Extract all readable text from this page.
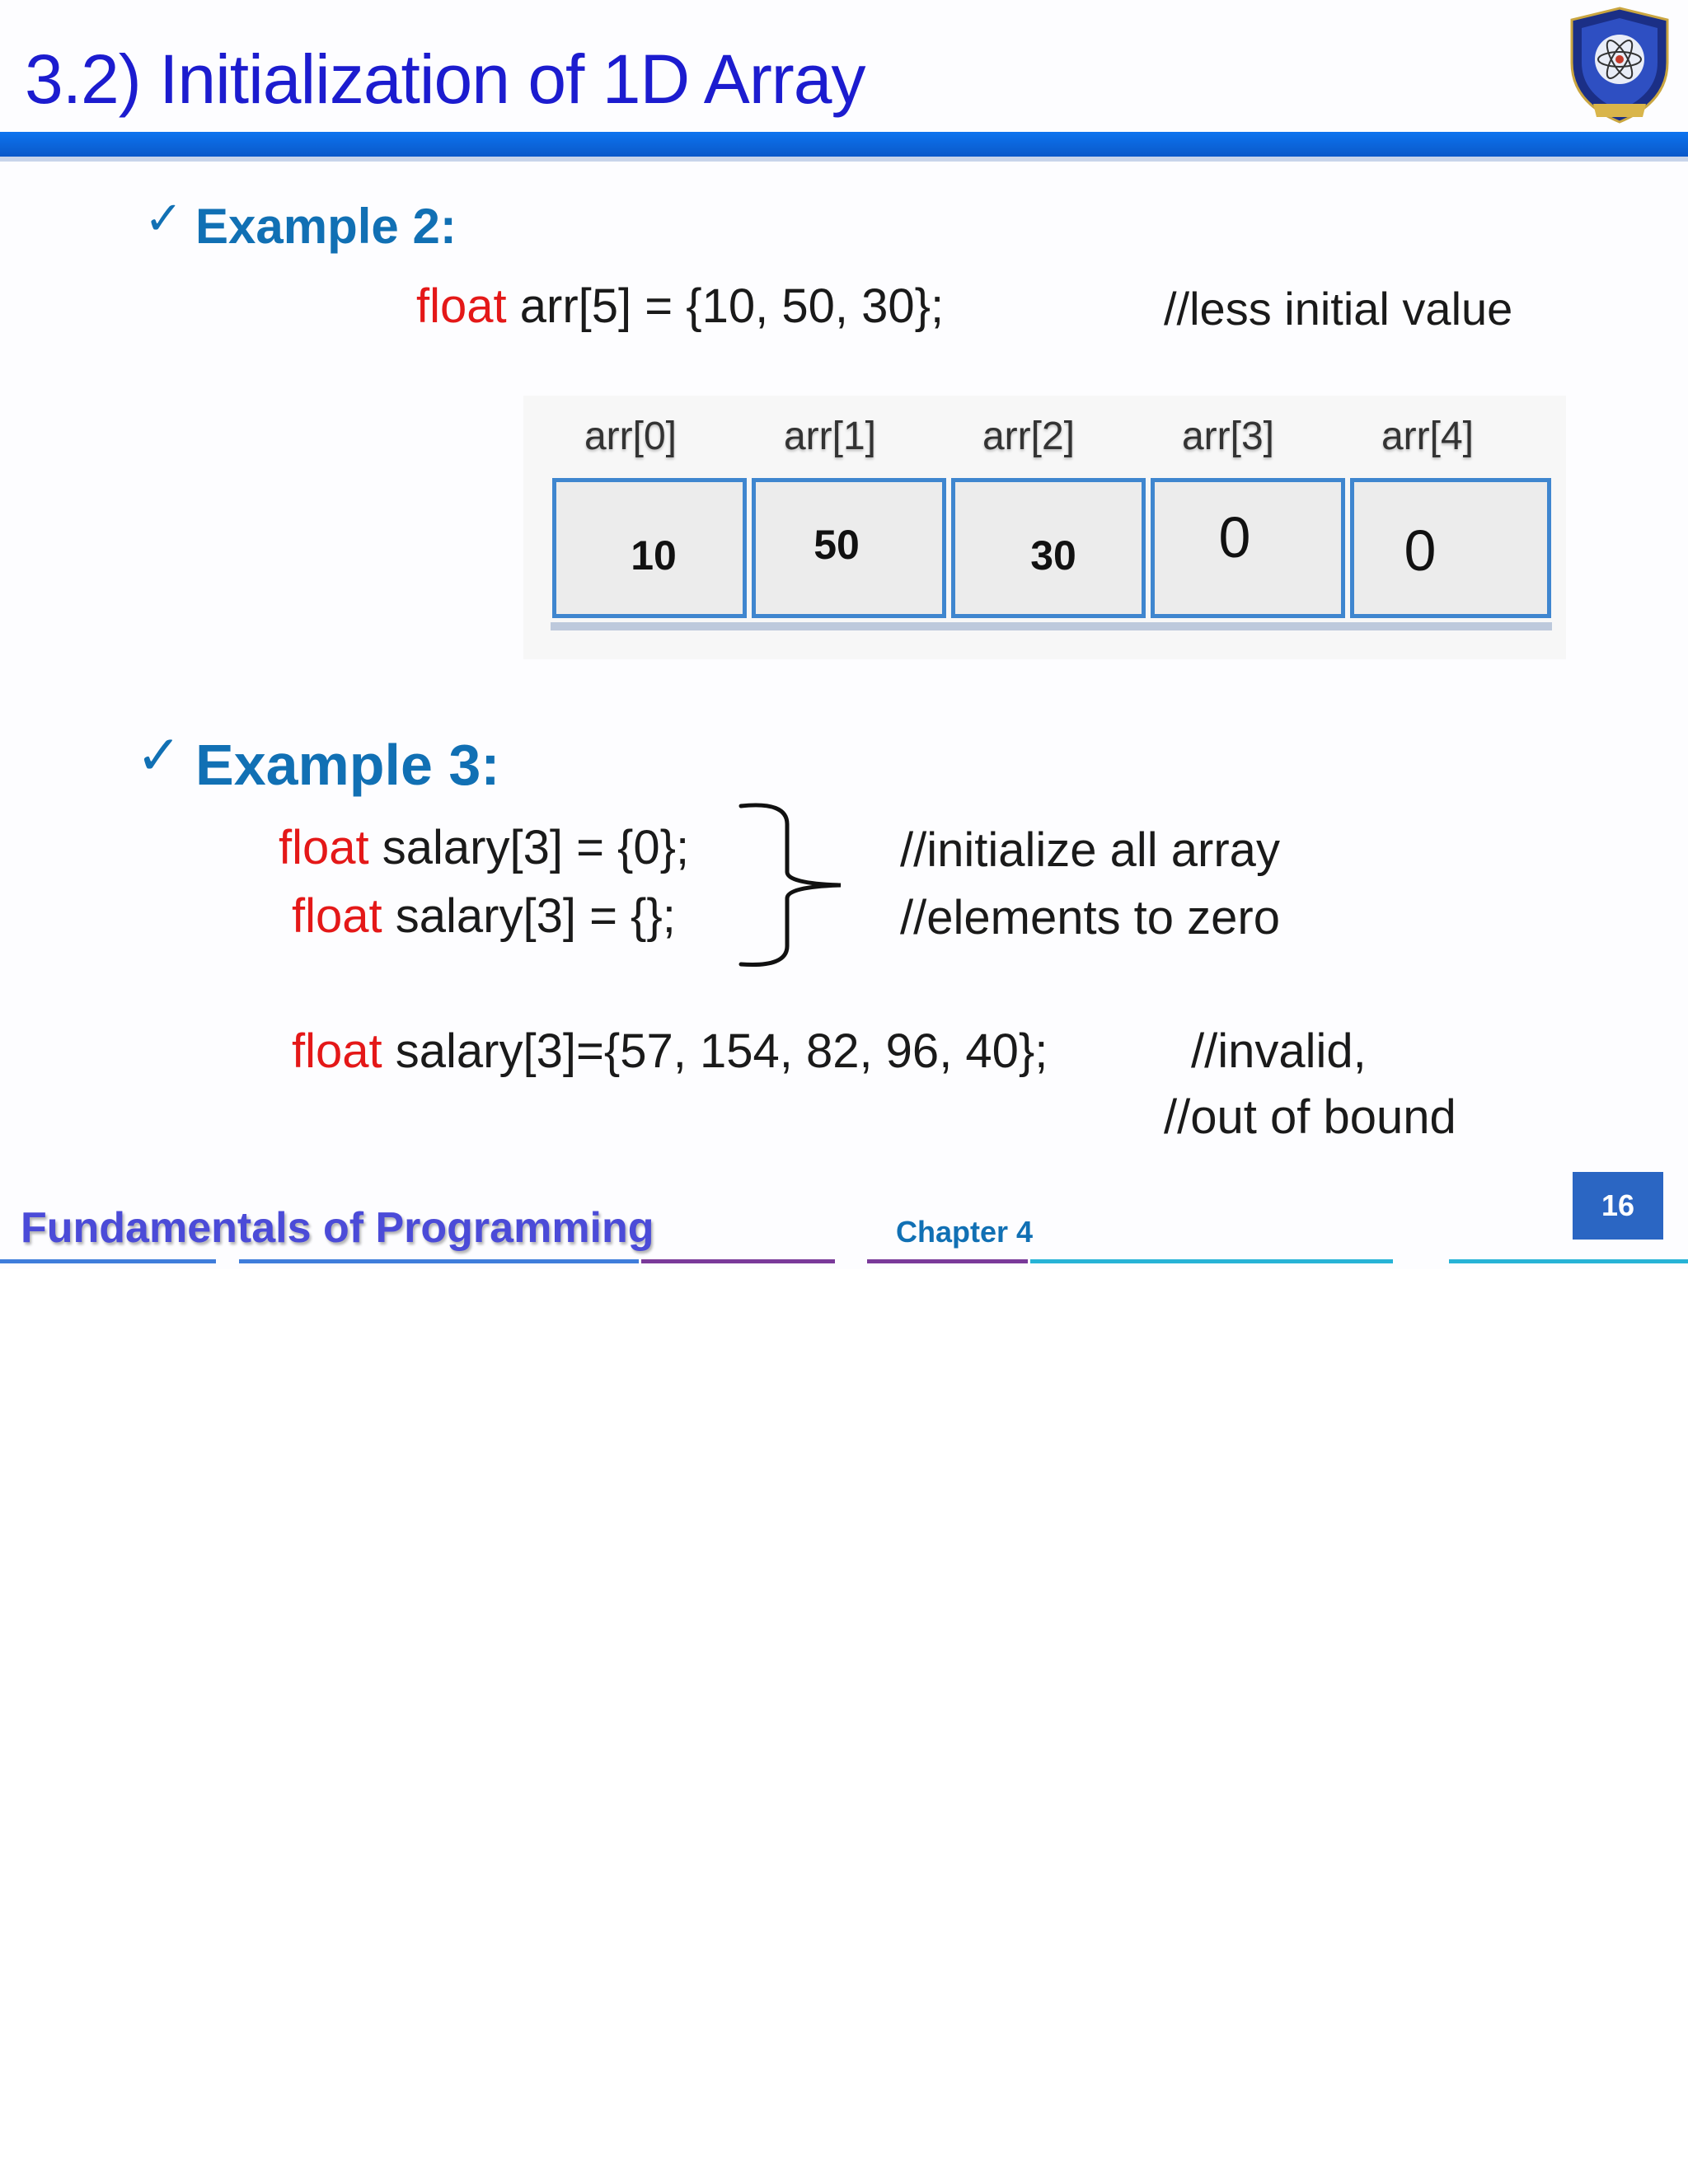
3.2) Initialization of 1D Array
✓ Example 2:
float arr[5] = {10, 50, 30};	//less initial value
arr[0]	arr[1]	arr[2]	arr[3]	arr[4]
10	50	30	0	0
✓ Example 3:
float salary[3] = {0};
float salary[3] = {};
//initialize all array
//elements to zero
float salary[3]={57, 154, 82, 96, 40};	//invalid,
//out of bound
Fundamentals of Programming	Chapter 4
16
